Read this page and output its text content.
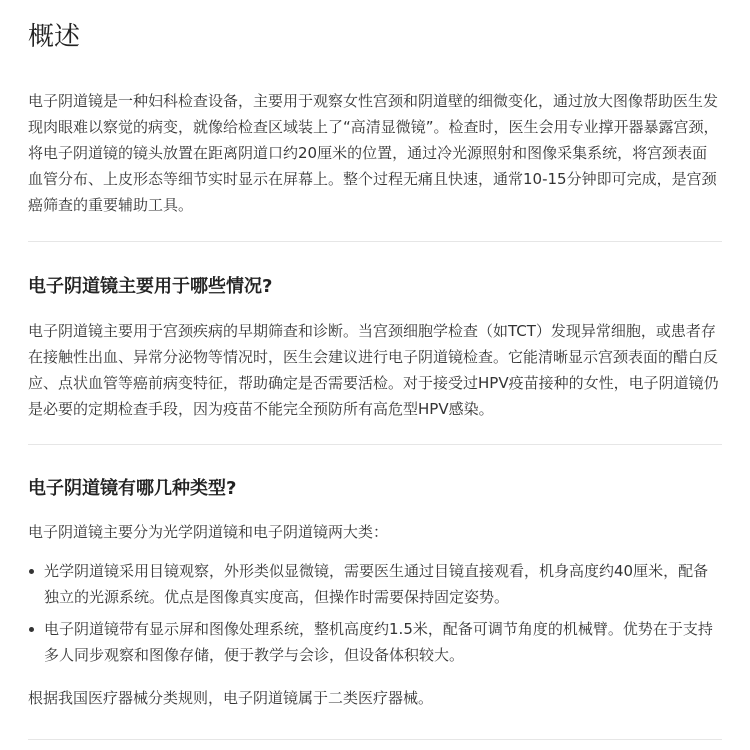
概述

电子阴道镜是一种妇科检查设备，主要用于观察女性宫颈和阴道壁的细微变化，通过放大图像帮助医生发现肉眼难以察觉的病变，就像给检查区域装上了“高清显微镜”。检查时，医生会用专业撑开器暴露宫颈，将电子阴道镜的镜头放置在距离阴道口约20厘米的位置，通过冷光源照射和图像采集系统，将宫颈表面血管分布、上皮形态等细节实时显示在屏幕上。整个过程无痛且快速，通常10-15分钟即可完成，是宫颈癌筛查的重要辅助工具。

电子阴道镜主要用于哪些情况?

电子阴道镜主要用于宫颈疾病的早期筛查和诊断。当宫颈细胞学检查（如TCT）发现异常细胞，或患者存在接触性出血、异常分泌物等情况时，医生会建议进行电子阴道镜检查。它能清晰显示宫颈表面的醋白反应、点状血管等癌前病变特征，帮助确定是否需要活检。对于接受过HPV疫苗接种的女性，电子阴道镜仍是必要的定期检查手段，因为疫苗不能完全预防所有高危型HPV感染。

电子阴道镜有哪几种类型?

电子阴道镜主要分为光学阴道镜和电子阴道镜两大类：

光学阴道镜采用目镜观察，外形类似显微镜，需要医生通过目镜直接观看，机身高度约40厘米，配备独立的光源系统。优点是图像真实度高，但操作时需要保持固定姿势。
电子阴道镜带有显示屏和图像处理系统，整机高度约1.5米，配备可调节角度的机械臂。优势在于支持多人同步观察和图像存储，便于教学与会诊，但设备体积较大。

根据我国医疗器械分类规则，电子阴道镜属于二类医疗器械。
